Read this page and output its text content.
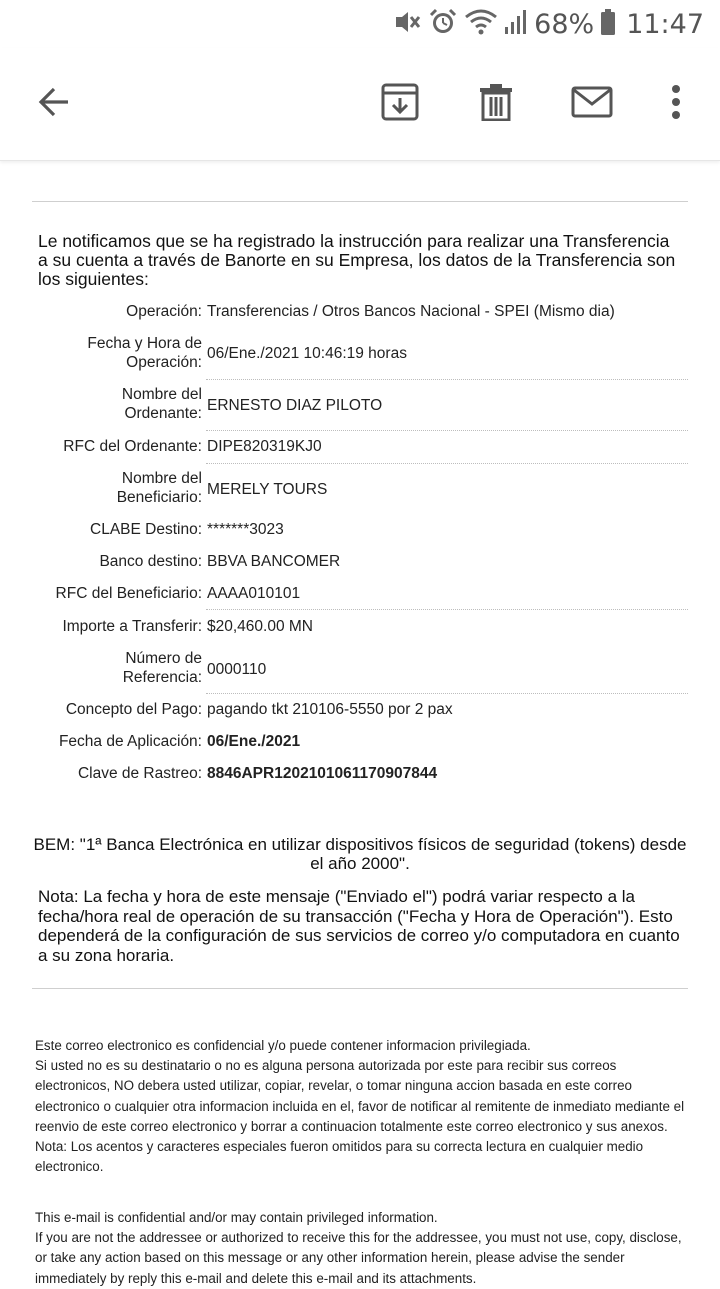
68% 11:47
Le notificamos que se ha registrado la instrucción para realizar una Transferencia a su cuenta a través de Banorte en su Empresa, los datos de la Transferencia son los siguientes:
Operación: Transferencias / Otros Bancos Nacional - SPEI (Mismo dia)
Fecha y Hora de
Operación:
06/Ene./2021 10:46:19 horas
Nombre del
Ordenante: ERNESTO DIAZ PILOTO
RFC del Ordenante: DIPE820319KJ0
Nombre del
Beneficiario: MERELY TOURS
CLABE Destino: *******3023
Banco destino: BBVA BANCOMER
RFC del Beneficiario: AAAA010101
Importe a Transferir: $20,460.00 MN
Número de
Referencia: 0000110
Concepto del Pago: pagando tkt 210106-5550 por 2 pax
Fecha de Aplicación: 06/Ene./2021
Clave de Rastreo: 8846APR1202101061170907844
BEM: "1ª Banca Electrónica en utilizar dispositivos físicos de seguridad (tokens) desde el año 2000".
Nota: La fecha y hora de este mensaje ("Enviado el") podrá variar respecto a la fecha/hora real de operación de su transacción ("Fecha y Hora de Operación"). Esto dependerá de la configuración de sus servicios de correo y/o computadora en cuanto a su zona horaria.
Este correo electronico es confidencial y/o puede contener informacion privilegiada.
Si usted no es su destinatario o no es alguna persona autorizada por este para recibir sus correos electronicos, NO debera usted utilizar, copiar, revelar, o tomar ninguna accion basada en este correo electronico o cualquier otra informacion incluida en el, favor de notificar al remitente de inmediato mediante el reenvio de este correo electronico y borrar a continuacion totalmente este correo electronico y sus anexos.
Nota: Los acentos y caracteres especiales fueron omitidos para su correcta lectura en cualquier medio electronico.
This e-mail is confidential and/or may contain privileged information.
If you are not the addressee or authorized to receive this for the addressee, you must not use, copy, disclose, or take any action based on this message or any other information herein, please advise the sender immediately by reply this e-mail and delete this e-mail and its attachments.
